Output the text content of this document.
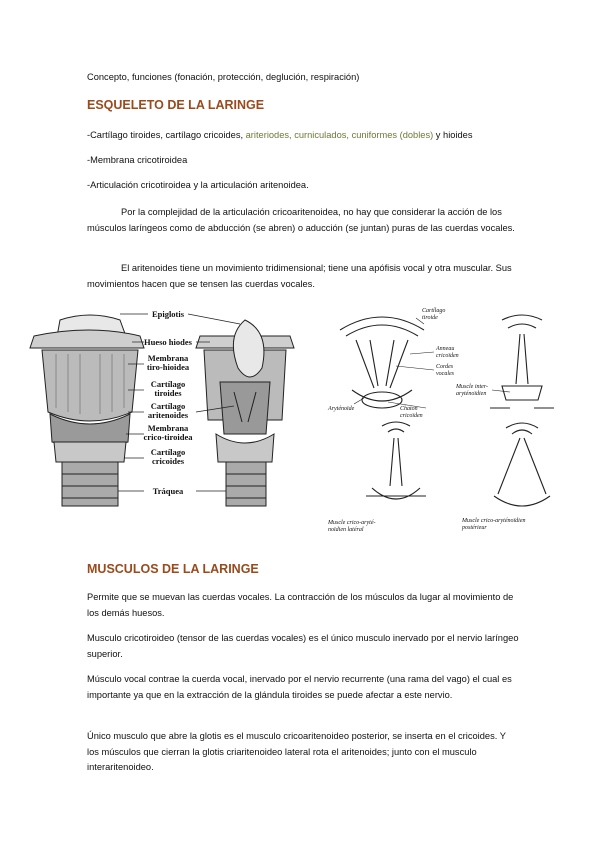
Concepto, funciones (fonación, protección, deglución, respiración)

ESQUELETO DE LA LARINGE

-Cartílago tiroides, cartílago cricoides, ariteriodes, curniculados, cuniformes (dobles) y hioides

-Membrana cricotiroidea

-Articulación cricotiroidea y la articulación aritenoidea.

Por la complejidad de la articulación cricoaritenoidea, no hay que considerar la acción de los músculos laríngeos como de abducción (se abren) o aducción (se juntan) puras de las cuerdas vocales.

El aritenoides tiene un movimiento tridimensional; tiene una apófisis vocal y otra muscular. Sus movimientos hacen que se tensen las cuerdas vocales.

Epiglotis
Hueso hiodes
Membrana
tiro-hioidea
Cartílago
tiroides
Cartílago
aritenoides
Membrana
crico-tiroidea
Cartílago
cricoides
Tráquea
Cartílago
tiroide
Anneau
cricoïden
Cordes
vocales
Aryténoïde	Chaton
cricoïden
Muscle inter-
aryténoïdien
Muscle crico-aryté-
noïdien latéral
Muscle crico-aryténoïdien
postérieur
MUSCULOS DE LA LARINGE

Permite que se muevan las cuerdas vocales. La contracción de los músculos da lugar al movimiento de los demás huesos.

Musculo cricotiroideo (tensor de las cuerdas vocales) es el único musculo inervado por el nervio laríngeo superior.

Músculo vocal contrae la cuerda vocal, inervado por el nervio recurrente (una rama del vago) el cual es importante ya que en la extracción de la glándula tiroides se puede afectar a este nervio.

Único musculo que abre la glotis es el musculo cricoaritenoideo posterior, se inserta en el cricoides. Y los músculos que cierran la glotis criaritenoideo lateral rota el aritenoides; junto con el musculo interaritenoideo.
